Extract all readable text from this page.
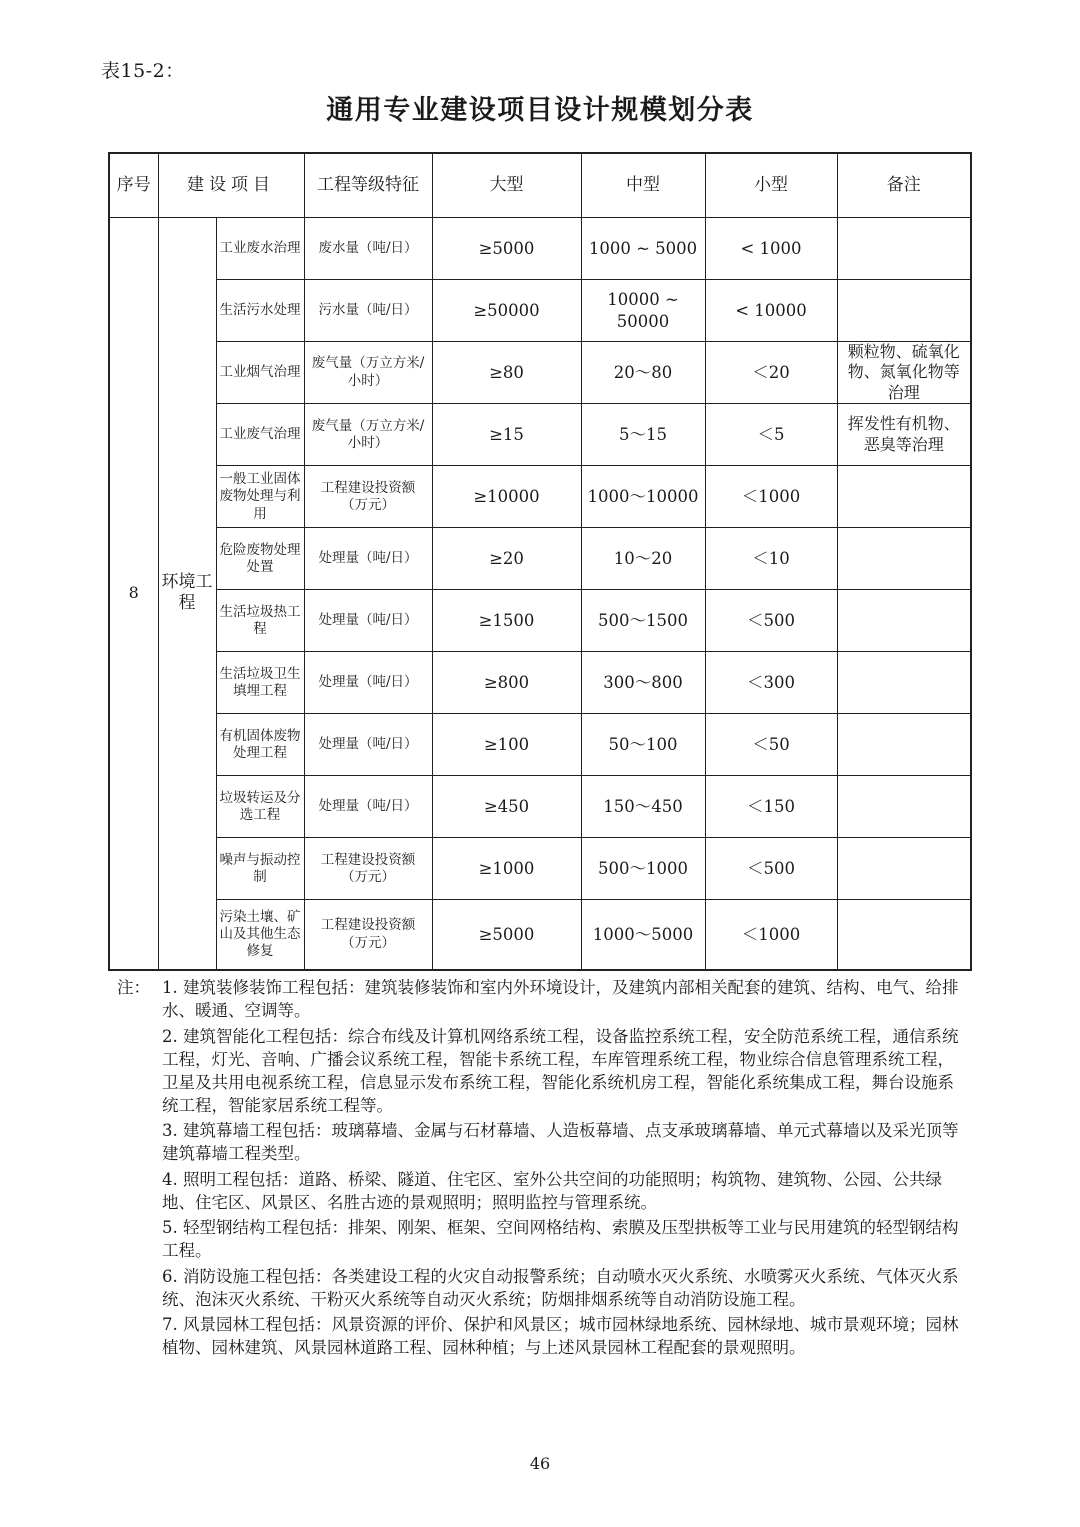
表15-2：
通用专业建设项目设计规模划分表
序号	建设项目		工程等级特征	大型	中型	小型	备注
8	环境工程	工业废水治理	废水量（吨/日）	≥5000	1000 ~ 5000	< 1000	
		生活污水处理	污水量（吨/日）	≥50000	10000 ~ 50000	< 10000	
		工业烟气治理	废气量（万立方米/小时）	≥80	20～80	＜20	颗粒物、硫氧化物、氮氧化物等治理
		工业废气治理	废气量（万立方米/小时）	≥15	5～15	＜5	挥发性有机物、恶臭等治理
		一般工业固体废物处理与利用	工程建设投资额（万元）	≥10000	1000～10000	＜1000	
		危险废物处理处置	处理量（吨/日）	≥20	10～20	＜10	
		生活垃圾热工程	处理量（吨/日）	≥1500	500～1500	＜500	
		生活垃圾卫生填埋工程	处理量（吨/日）	≥800	300～800	＜300	
		有机固体废物处理工程	处理量（吨/日）	≥100	50～100	＜50	
		垃圾转运及分选工程	处理量（吨/日）	≥450	150～450	＜150	
		噪声与振动控制	工程建设投资额（万元）	≥1000	500～1000	＜500	
		污染土壤、矿山及其他生态修复	工程建设投资额（万元）	≥5000	1000～5000	＜1000	
注： 1. 建筑装修装饰工程包括：建筑装修装饰和室内外环境设计，及建筑内部相关配套的建筑、结构、电气、给排水、暖通、空调等。
2. 建筑智能化工程包括：综合布线及计算机网络系统工程，设备监控系统工程，安全防范系统工程，通信系统工程，灯光、音响、广播会议系统工程，智能卡系统工程，车库管理系统工程，物业综合信息管理系统工程，卫星及共用电视系统工程，信息显示发布系统工程，智能化系统机房工程，智能化系统集成工程，舞台设施系统工程，智能家居系统工程等。
3. 建筑幕墙工程包括：玻璃幕墙、金属与石材幕墙、人造板幕墙、点支承玻璃幕墙、单元式幕墙以及采光顶等建筑幕墙工程类型。
4. 照明工程包括：道路、桥梁、隧道、住宅区、室外公共空间的功能照明；构筑物、建筑物、公园、公共绿地、住宅区、风景区、名胜古迹的景观照明；照明监控与管理系统。
5. 轻型钢结构工程包括：排架、刚架、框架、空间网格结构、索膜及压型拱板等工业与民用建筑的轻型钢结构工程。
6. 消防设施工程包括：各类建设工程的火灾自动报警系统；自动喷水灭火系统、水喷雾灭火系统、气体灭火系统、泡沫灭火系统、干粉灭火系统等自动灭火系统；防烟排烟系统等自动消防设施工程。
7. 风景园林工程包括：风景资源的评价、保护和风景区；城市园林绿地系统、园林绿地、城市景观环境；园林植物、园林建筑、风景园林道路工程、园林种植；与上述风景园林工程配套的景观照明。
46
